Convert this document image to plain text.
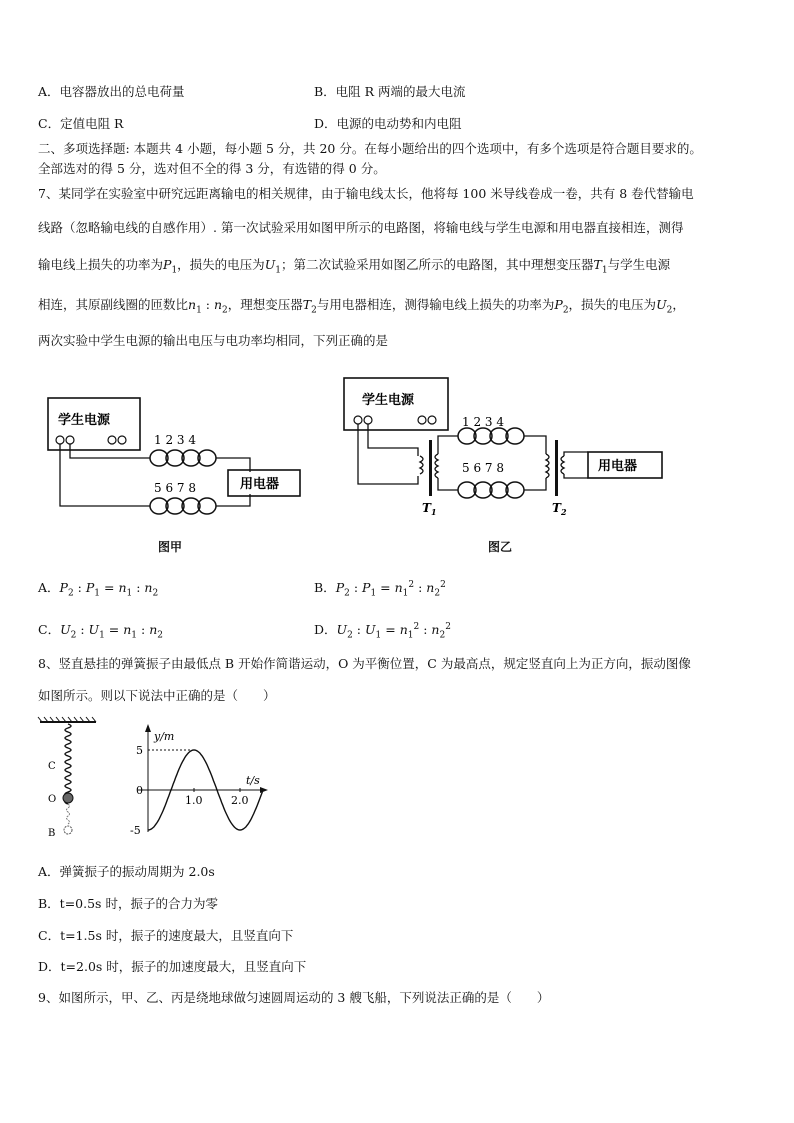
A．电容器放出的总电荷量	B．电阻 R 两端的最大电流
C．定值电阻 R	D．电源的电动势和内电阻
二、多项选择题: 本题共 4 小题，每小题 5 分，共 20 分。在每小题给出的四个选项中，有多个选项是符合题目要求的。
全部选对的得 5 分，选对但不全的得 3 分，有选错的得 0 分。
7、某同学在实验室中研究远距离输电的相关规律，由于输电线太长，他将每 100 米导线卷成一卷，共有 8 卷代替输电
线路（忽略输电线的自感作用）. 第一次试验采用如图甲所示的电路图，将输电线与学生电源和用电器直接相连，测得
输电线上损失的功率为$P_1$，损失的电压为$U_1$；第二次试验采用如图乙所示的电路图，其中理想变压器$T_1$与学生电源
相连，其原副线圈的匝数比$n_1$ : $n_2$，理想变压器$T_2$与用电器相连，测得输电线上损失的功率为$P_2$，损失的电压为$U_2$，
两次实验中学生电源的输出电压与电功率均相同，下列正确的是
学生电源
1 2 3 4
5 6 7 8	用电器
图甲
学生电源
1 2 3 4
5 6 7 8	用电器
$T_1$	$T_2$
图乙
A．$P_2$ : $P_1 = n_1$ : $n_2$	B．$P_2$ : $P_1 = n_1^2$ : $n_2^2$
C．$U_2$ : $U_1 = n_1$ : $n_2$	D．$U_2$ : $U_1 = n_1^2$ : $n_2^2$
8、竖直悬挂的弹簧振子由最低点 B 开始作简谐运动，O 为平衡位置，C 为最高点，规定竖直向上为正方向，振动图像
如图所示。则以下说法中正确的是（　　）
C
O
B
y/m
t/s
1.0	2.0
5
0
-5
A．弹簧振子的振动周期为 2.0s
B．t=0.5s 时，振子的合力为零
C．t=1.5s 时，振子的速度最大，且竖直向下
D．t=2.0s 时，振子的加速度最大，且竖直向下
9、如图所示，甲、乙、丙是绕地球做匀速圆周运动的 3 艘飞船，下列说法正确的是（　　）
